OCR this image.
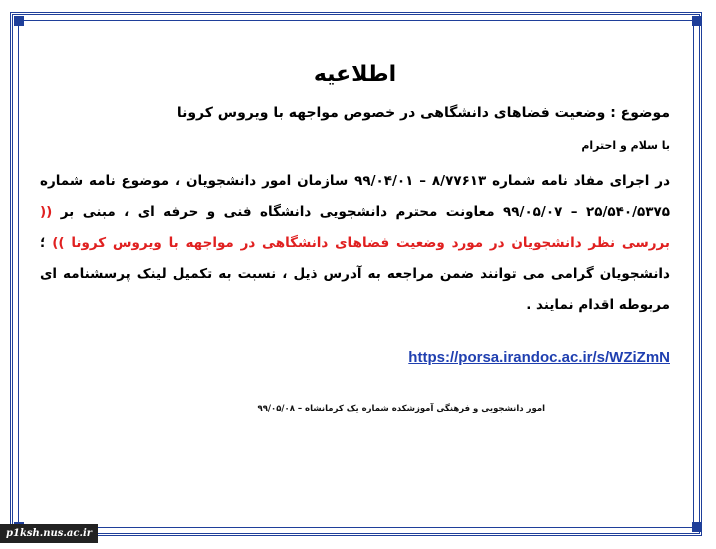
اطلاعیه
موضوع : وضعیت فضاهای دانشگاهی در خصوص مواجهه با ویروس کرونا
با سلام و احترام
در اجرای مفاد نامه شماره ۸/۷۷۶۱۳ – ۹۹/۰۴/۰۱ سازمان امور دانشجویان ، موضوع نامه شماره ۲۵/۵۴۰/۵۳۷۵ – ۹۹/۰۵/۰۷ معاونت محترم دانشجویی دانشگاه فنی و حرفه ای ، مبنی بر (( بررسی نظر دانشجویان در مورد وضعیت فضاهای دانشگاهی در مواجهه با ویروس کرونا )) ؛ دانشجویان گرامی می توانند ضمن مراجعه به آدرس ذیل ، نسبت به تکمیل لینک پرسشنامه ای مربوطه اقدام نمایند .
https://porsa.irandoc.ac.ir/s/WZiZmN
امور دانشجویی و فرهنگی آموزشکده شماره یک کرمانشاه – ۹۹/۰۵/۰۸
p1ksh.nus.ac.ir
